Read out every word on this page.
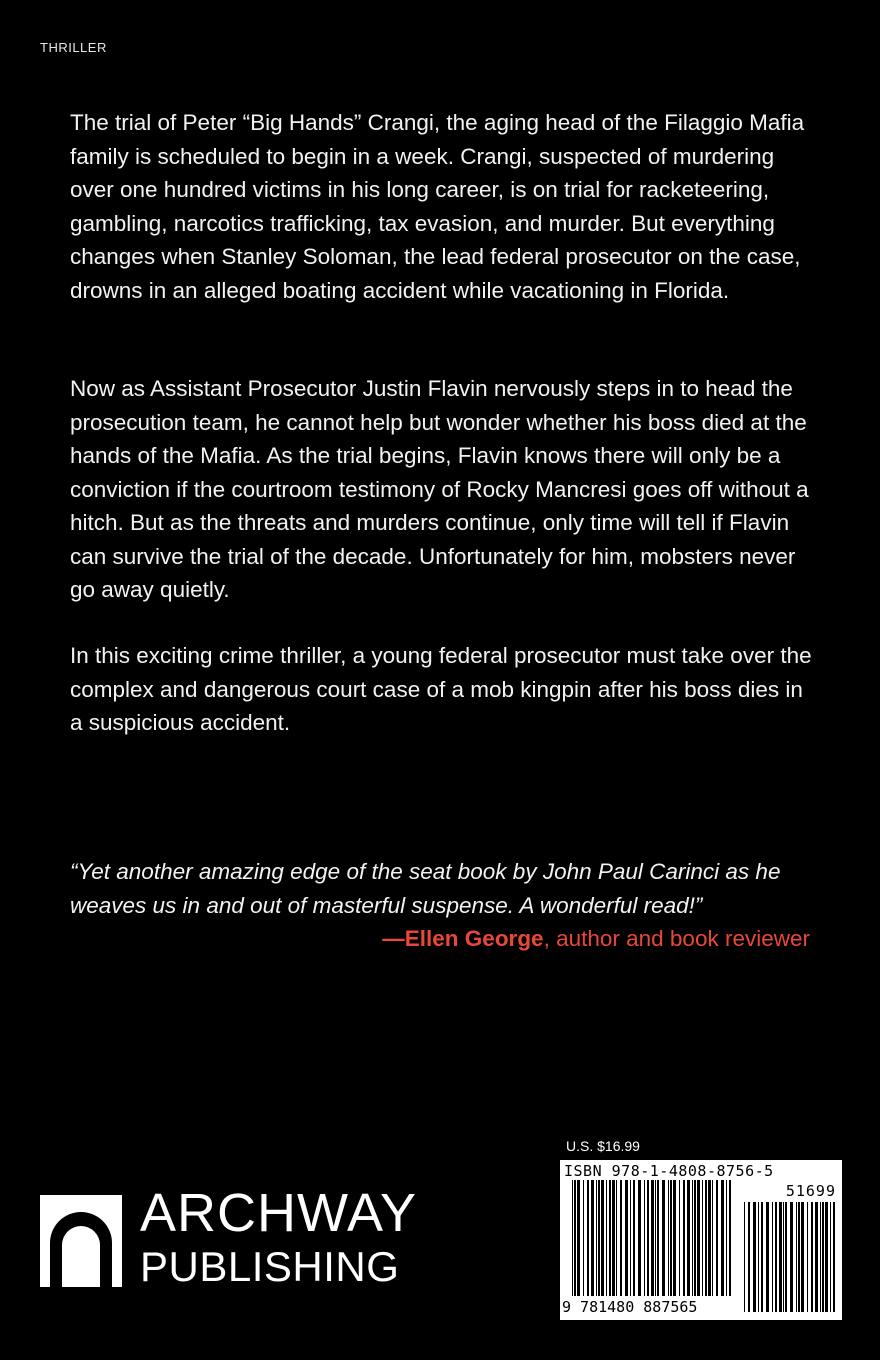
THRILLER

The trial of Peter “Big Hands” Crangi, the aging head of the Filaggio Mafia family is scheduled to begin in a week. Crangi, suspected of murdering over one hundred victims in his long career, is on trial for racketeering, gambling, narcotics trafficking, tax evasion, and murder. But everything changes when Stanley Soloman, the lead federal prosecutor on the case, drowns in an alleged boating accident while vacationing in Florida.

Now as Assistant Prosecutor Justin Flavin nervously steps in to head the prosecution team, he cannot help but wonder whether his boss died at the hands of the Mafia. As the trial begins, Flavin knows there will only be a conviction if the courtroom testimony of Rocky Mancresi goes off without a hitch. But as the threats and murders continue, only time will tell if Flavin can survive the trial of the decade. Unfortunately for him, mobsters never go away quietly.

In this exciting crime thriller, a young federal prosecutor must take over the complex and dangerous court case of a mob kingpin after his boss dies in a suspicious accident.

“Yet another amazing edge of the seat book by John Paul Carinci as he weaves us in and out of masterful suspense. A wonderful read!”

—Ellen George, author and book reviewer
ARCHWAY
PUBLISHING
U.S. $16.99
ISBN 978-1-4808-8756-5
51699
9 781480 887565
